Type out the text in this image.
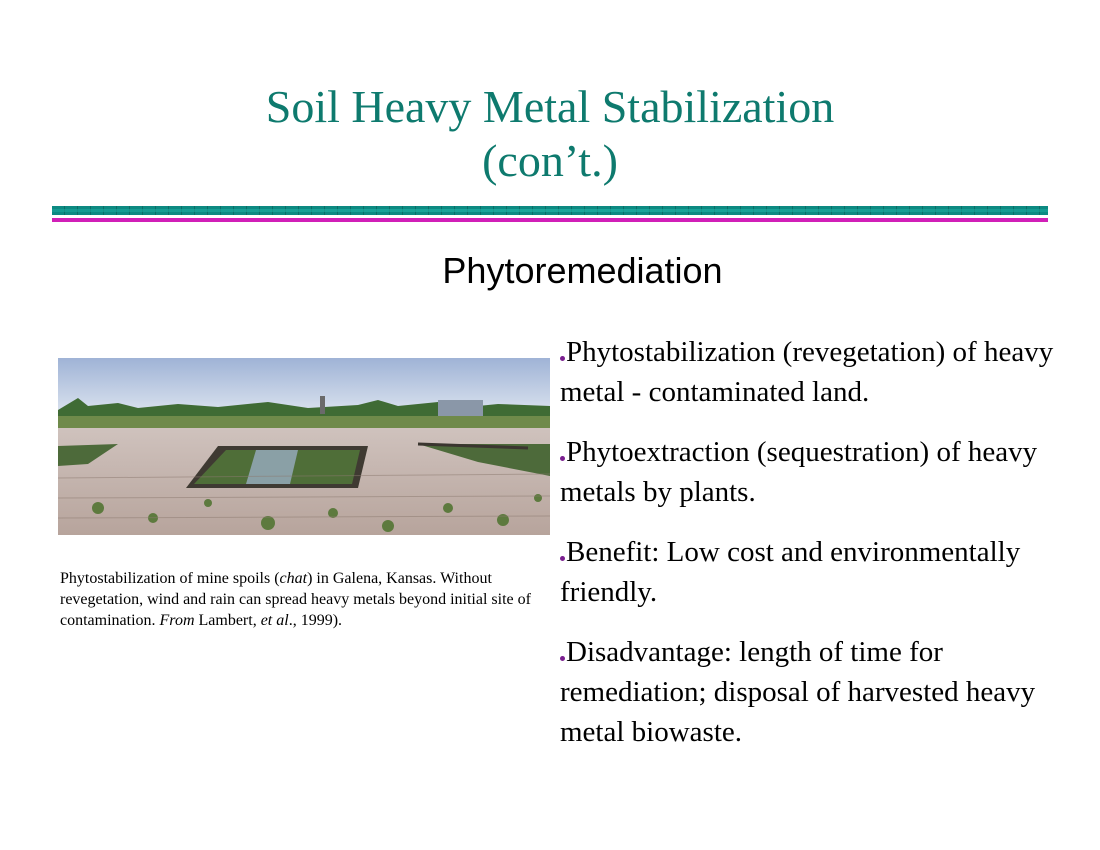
Soil Heavy Metal Stabilization
(con’t.)
Phytoremediation
Phytostabilization of mine spoils (chat) in Galena, Kansas. Without revegetation, wind and rain can spread heavy metals beyond initial site of contamination. From Lambert, et al., 1999).
Phytostabilization (revegetation) of heavy metal - contaminated land.
Phytoextraction (sequestration) of heavy metals by plants.
Benefit: Low cost and environmentally friendly.
Disadvantage: length of time for remediation; disposal of harvested heavy metal biowaste.
